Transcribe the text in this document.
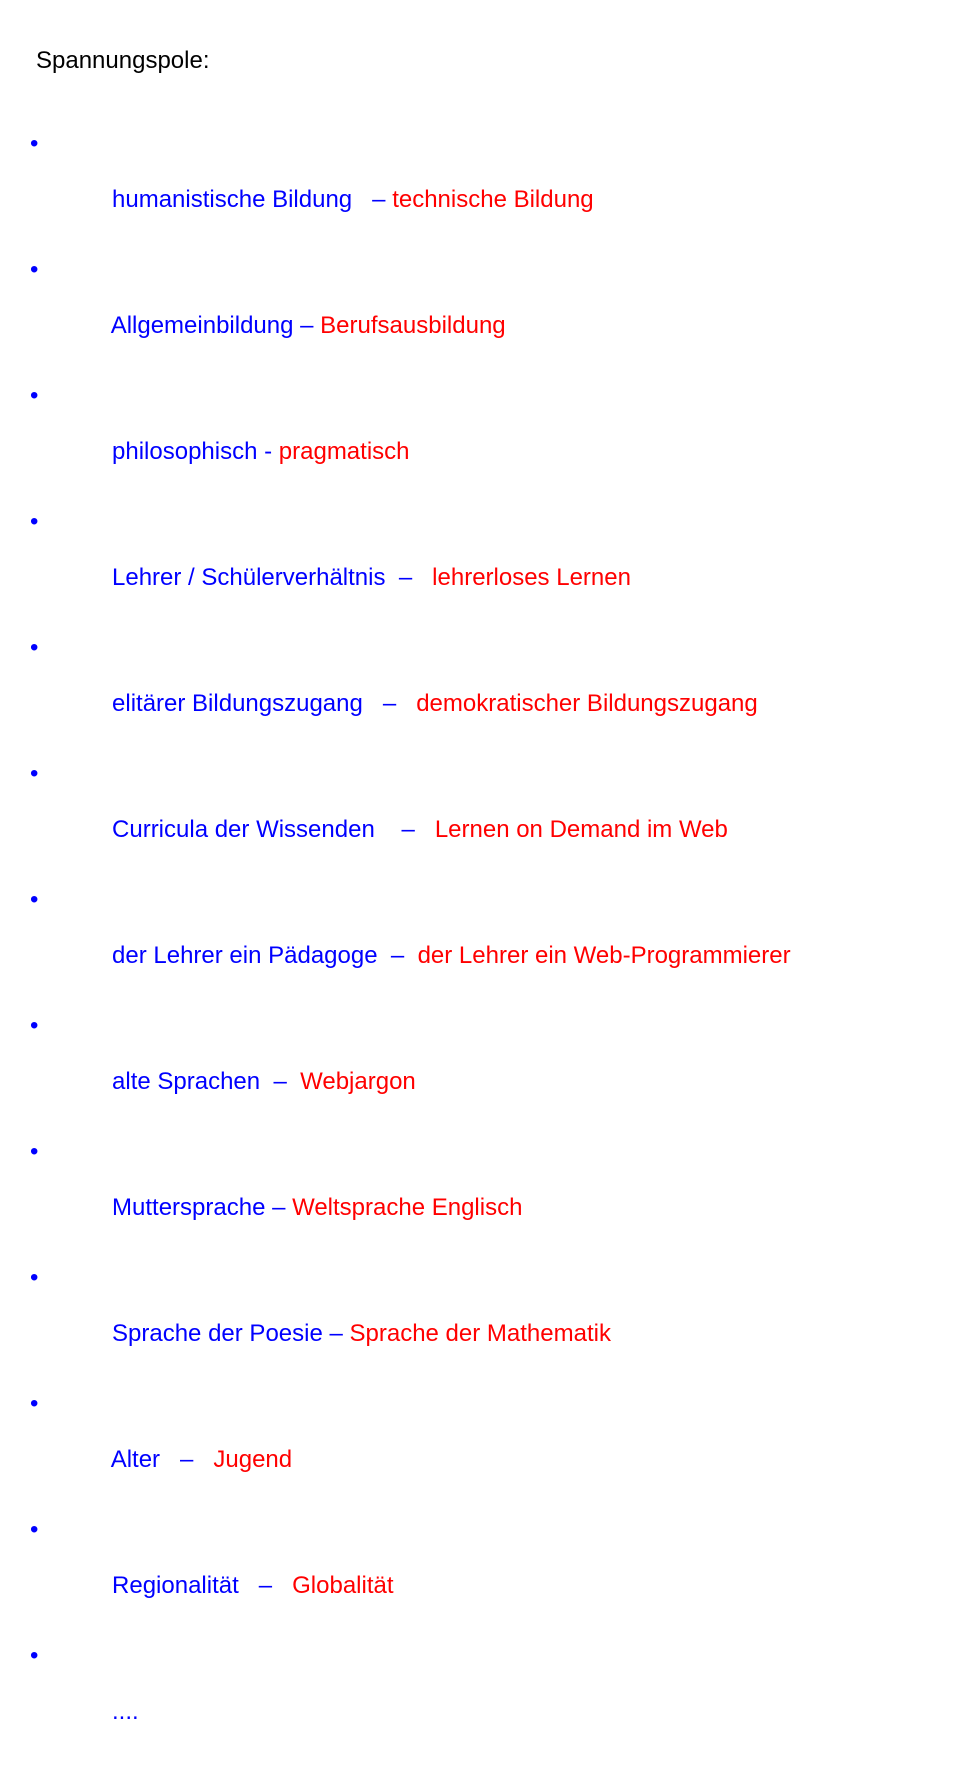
Spannungspole:

•

humanistische Bildung   – technische Bildung

•

Allgemeinbildung – Berufsausbildung

•

philosophisch - pragmatisch

•

Lehrer / Schülerverhältnis  –   lehrerloses Lernen

•

elitärer Bildungszugang   –   demokratischer Bildungszugang

•

Curricula der Wissenden    –   Lernen on Demand im Web

•

der Lehrer ein Pädagoge  –  der Lehrer ein Web-Programmierer

•

alte Sprachen  –  Webjargon

•

Muttersprache – Weltsprache Englisch

•

Sprache der Poesie – Sprache der Mathematik

•

Alter   –   Jugend

•

Regionalität   –   Globalität

•

....
